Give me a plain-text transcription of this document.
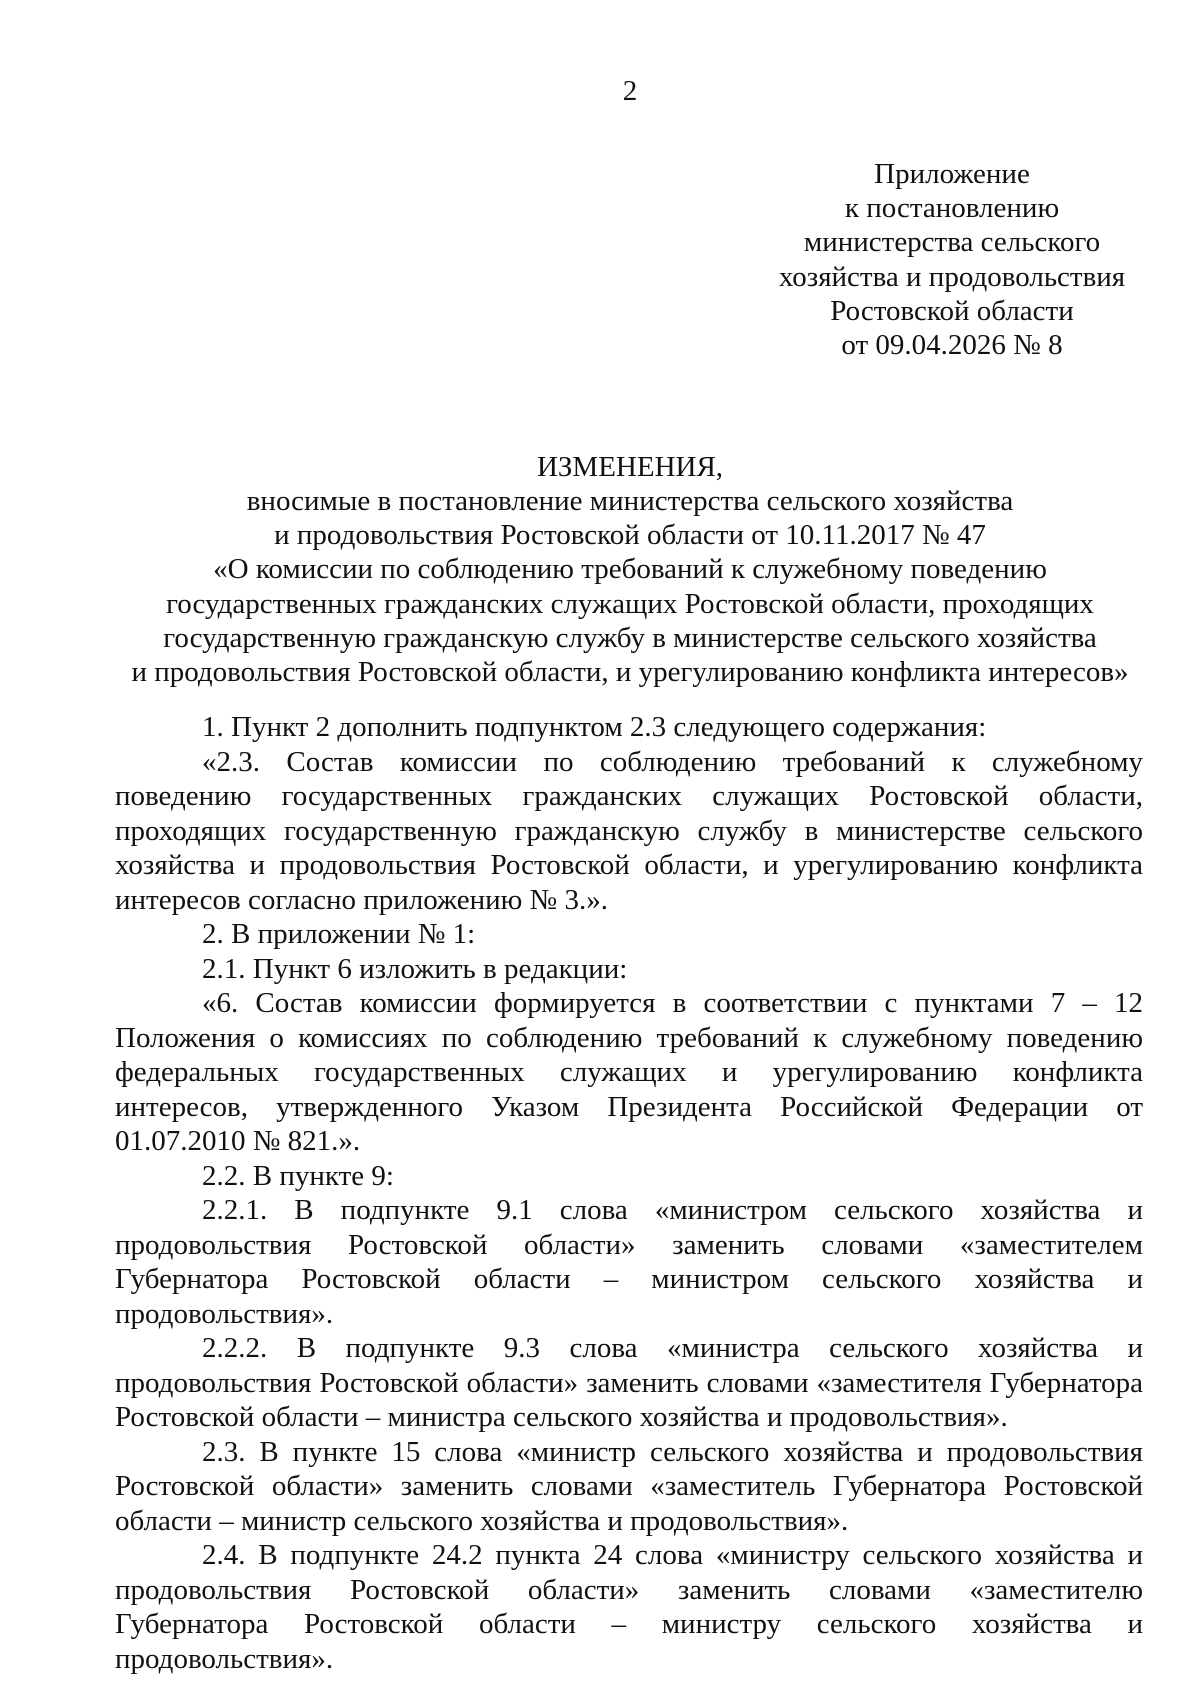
2
Приложение
к постановлению
министерства сельского
хозяйства и продовольствия
Ростовской области
от 09.04.2026 № 8
ИЗМЕНЕНИЯ,
вносимые в постановление министерства сельского хозяйства
и продовольствия Ростовской области от 10.11.2017 № 47
«О комиссии по соблюдению требований к служебному поведению
государственных гражданских служащих Ростовской области, проходящих
государственную гражданскую службу в министерстве сельского хозяйства
и продовольствия Ростовской области, и урегулированию конфликта интересов»

1. Пункт 2 дополнить подпунктом 2.3 следующего содержания:

«2.3. Состав комиссии по соблюдению требований к служебному поведению государственных гражданских служащих Ростовской области, проходящих государственную гражданскую службу в министерстве сельского хозяйства и продовольствия Ростовской области, и урегулированию конфликта интересов согласно приложению № 3.».

2. В приложении № 1:

2.1. Пункт 6 изложить в редакции:

«6. Состав комиссии формируется в соответствии с пунктами 7 – 12 Положения о комиссиях по соблюдению требований к служебному поведению федеральных государственных служащих и урегулированию конфликта интересов, утвержденного Указом Президента Российской Федерации от 01.07.2010 № 821.».

2.2. В пункте 9:

2.2.1. В подпункте 9.1 слова «министром сельского хозяйства и продовольствия Ростовской области» заменить словами «заместителем Губернатора Ростовской области – министром сельского хозяйства и продовольствия».

2.2.2. В подпункте 9.3 слова «министра сельского хозяйства и продовольствия Ростовской области» заменить словами «заместителя Губернатора Ростовской области – министра сельского хозяйства и продовольствия».

2.3. В пункте 15 слова «министр сельского хозяйства и продовольствия Ростовской области» заменить словами «заместитель Губернатора Ростовской области – министр сельского хозяйства и продовольствия».

2.4. В подпункте 24.2 пункта 24 слова «министру сельского хозяйства и продовольствия Ростовской области» заменить словами «заместителю Губернатора Ростовской области – министру сельского хозяйства и продовольствия».
